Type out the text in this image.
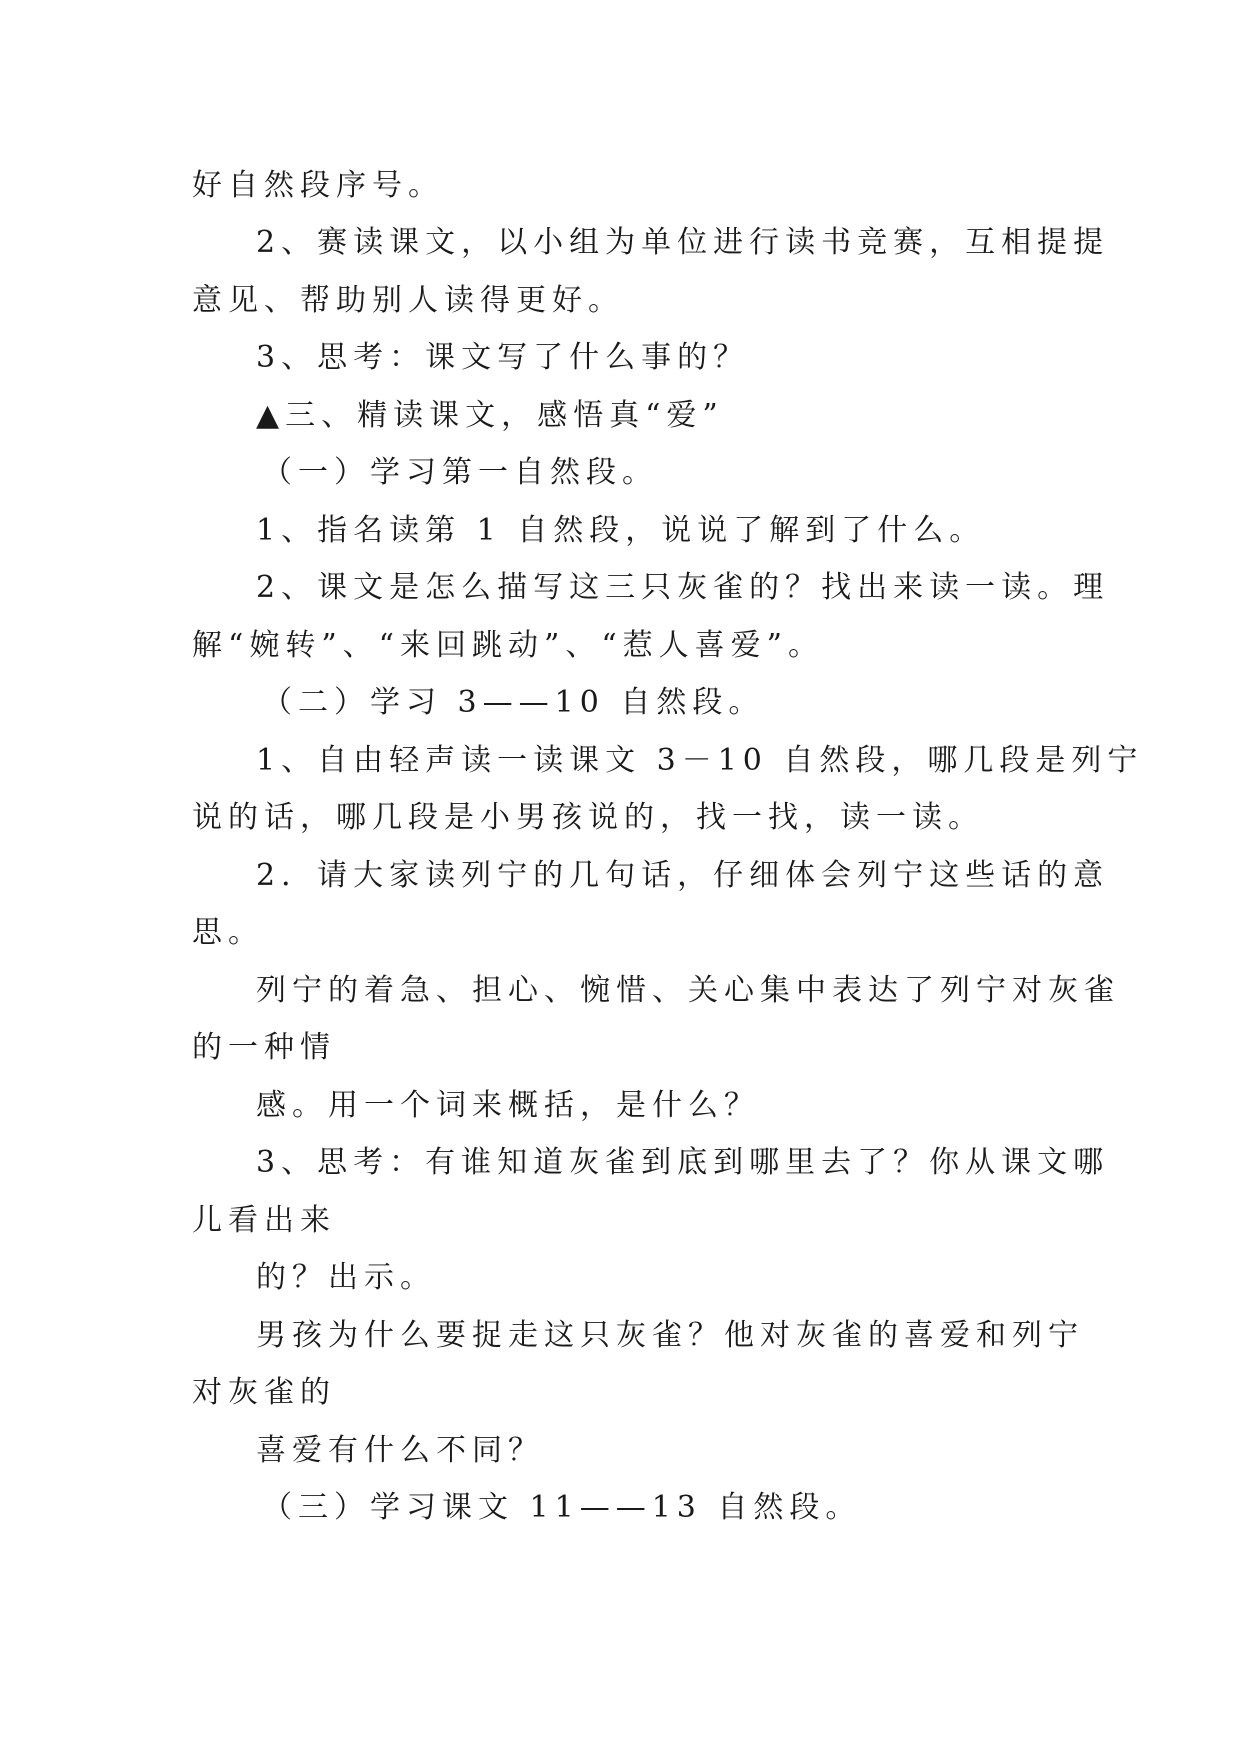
好自然段序号。
2、赛读课文，以小组为单位进行读书竞赛，互相提提
意见、帮助别人读得更好。
3、思考：课文写了什么事的？
▲三、精读课文，感悟真“爱”
（一）学习第一自然段。
1、指名读第 1 自然段，说说了解到了什么。
2、课文是怎么描写这三只灰雀的？找出来读一读。理
解“婉转”、“来回跳动”、“惹人喜爱”。
（二）学习 3——10 自然段。
1、自由轻声读一读课文 3－10 自然段，哪几段是列宁
说的话，哪几段是小男孩说的，找一找，读一读。
2．请大家读列宁的几句话，仔细体会列宁这些话的意
思。
列宁的着急、担心、惋惜、关心集中表达了列宁对灰雀
的一种情
感。用一个词来概括，是什么？
3、思考：有谁知道灰雀到底到哪里去了？你从课文哪
儿看出来
的？出示。
男孩为什么要捉走这只灰雀？他对灰雀的喜爱和列宁
对灰雀的
喜爱有什么不同？
（三）学习课文 11——13 自然段。
